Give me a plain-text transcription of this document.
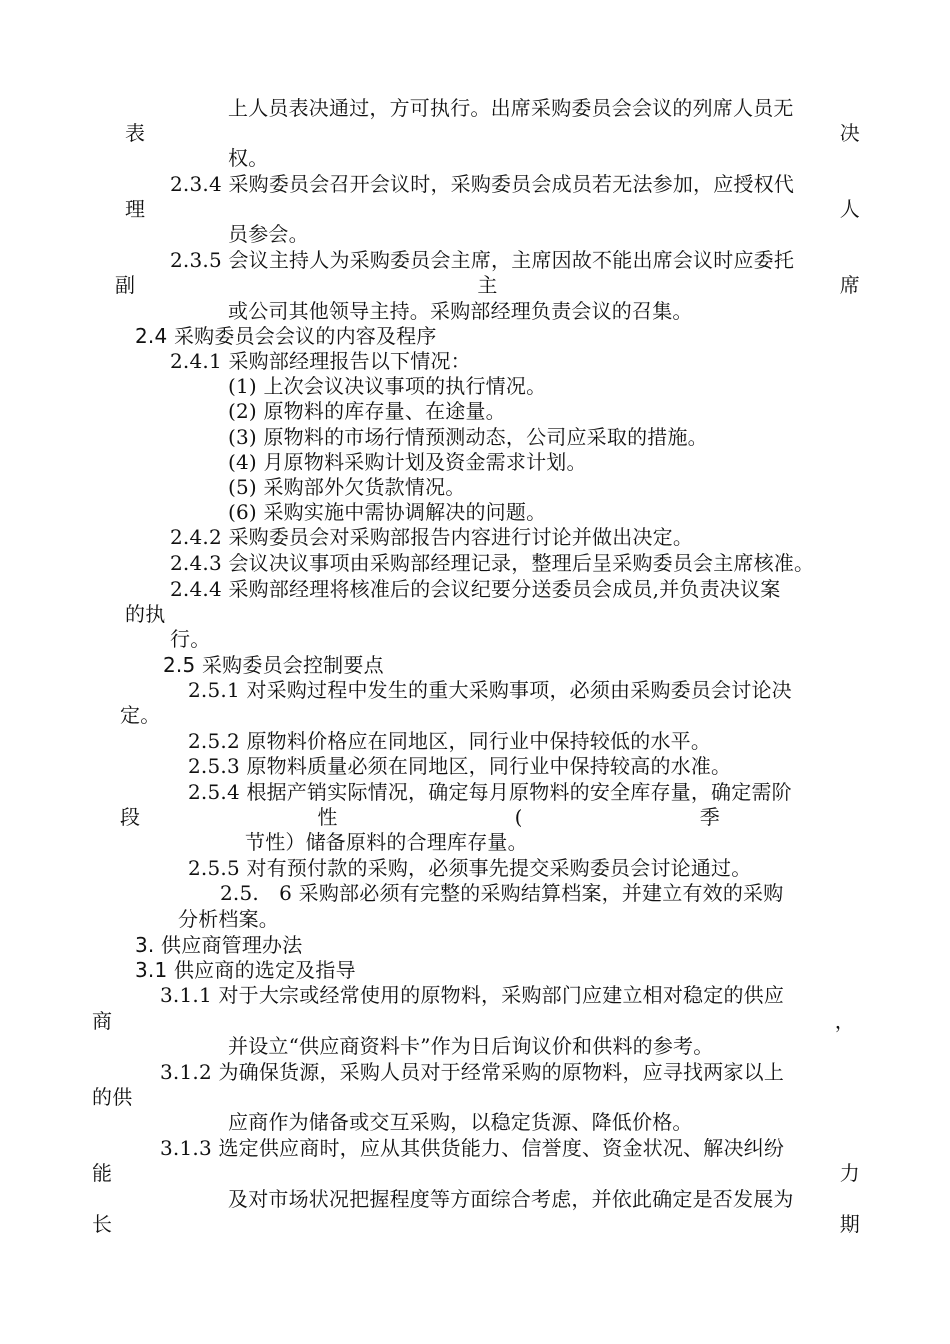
上人员表决通过，方可执行。出席采购委员会会议的列席人员无
表	决
权。
2.3.4 采购委员会召开会议时，采购委员会成员若无法参加，应授权代
理	人
员参会。
2.3.5 会议主持人为采购委员会主席，主席因故不能出席会议时应委托
副	主	席
或公司其他领导主持。采购部经理负责会议的召集。
2.4 采购委员会会议的内容及程序
2.4.1 采购部经理报告以下情况：
(1) 上次会议决议事项的执行情况。
(2) 原物料的库存量、在途量。
(3) 原物料的市场行情预测动态，公司应采取的措施。
(4) 月原物料采购计划及资金需求计划。
(5) 采购部外欠货款情况。
(6) 采购实施中需协调解决的问题。
2.4.2 采购委员会对采购部报告内容进行讨论并做出决定。
2.4.3 会议决议事项由采购部经理记录，整理后呈采购委员会主席核准。
2.4.4 采购部经理将核准后的会议纪要分送委员会成员,并负责决议案
的执
行。
2.5 采购委员会控制要点
2.5.1 对采购过程中发生的重大采购事项，必须由采购委员会讨论决
定。
2.5.2 原物料价格应在同地区，同行业中保持较低的水平。
2.5.3 原物料质量必须在同地区，同行业中保持较高的水准。
2.5.4 根据产销实际情况，确定每月原物料的安全库存量，确定需阶
段	性	(	季
节性）储备原料的合理库存量。
2.5.5 对有预付款的采购，必须事先提交采购委员会讨论通过。
2.5.　6 采购部必须有完整的采购结算档案，并建立有效的采购
分析档案。
3. 供应商管理办法
3.1 供应商的选定及指导
3.1.1 对于大宗或经常使用的原物料，采购部门应建立相对稳定的供应
商	，
并设立“供应商资料卡”作为日后询议价和供料的参考。
3.1.2 为确保货源，采购人员对于经常采购的原物料，应寻找两家以上
的供
应商作为储备或交互采购，以稳定货源、降低价格。
3.1.3 选定供应商时，应从其供货能力、信誉度、资金状况、解决纠纷
能	力
及对市场状况把握程度等方面综合考虑，并依此确定是否发展为
长	期
